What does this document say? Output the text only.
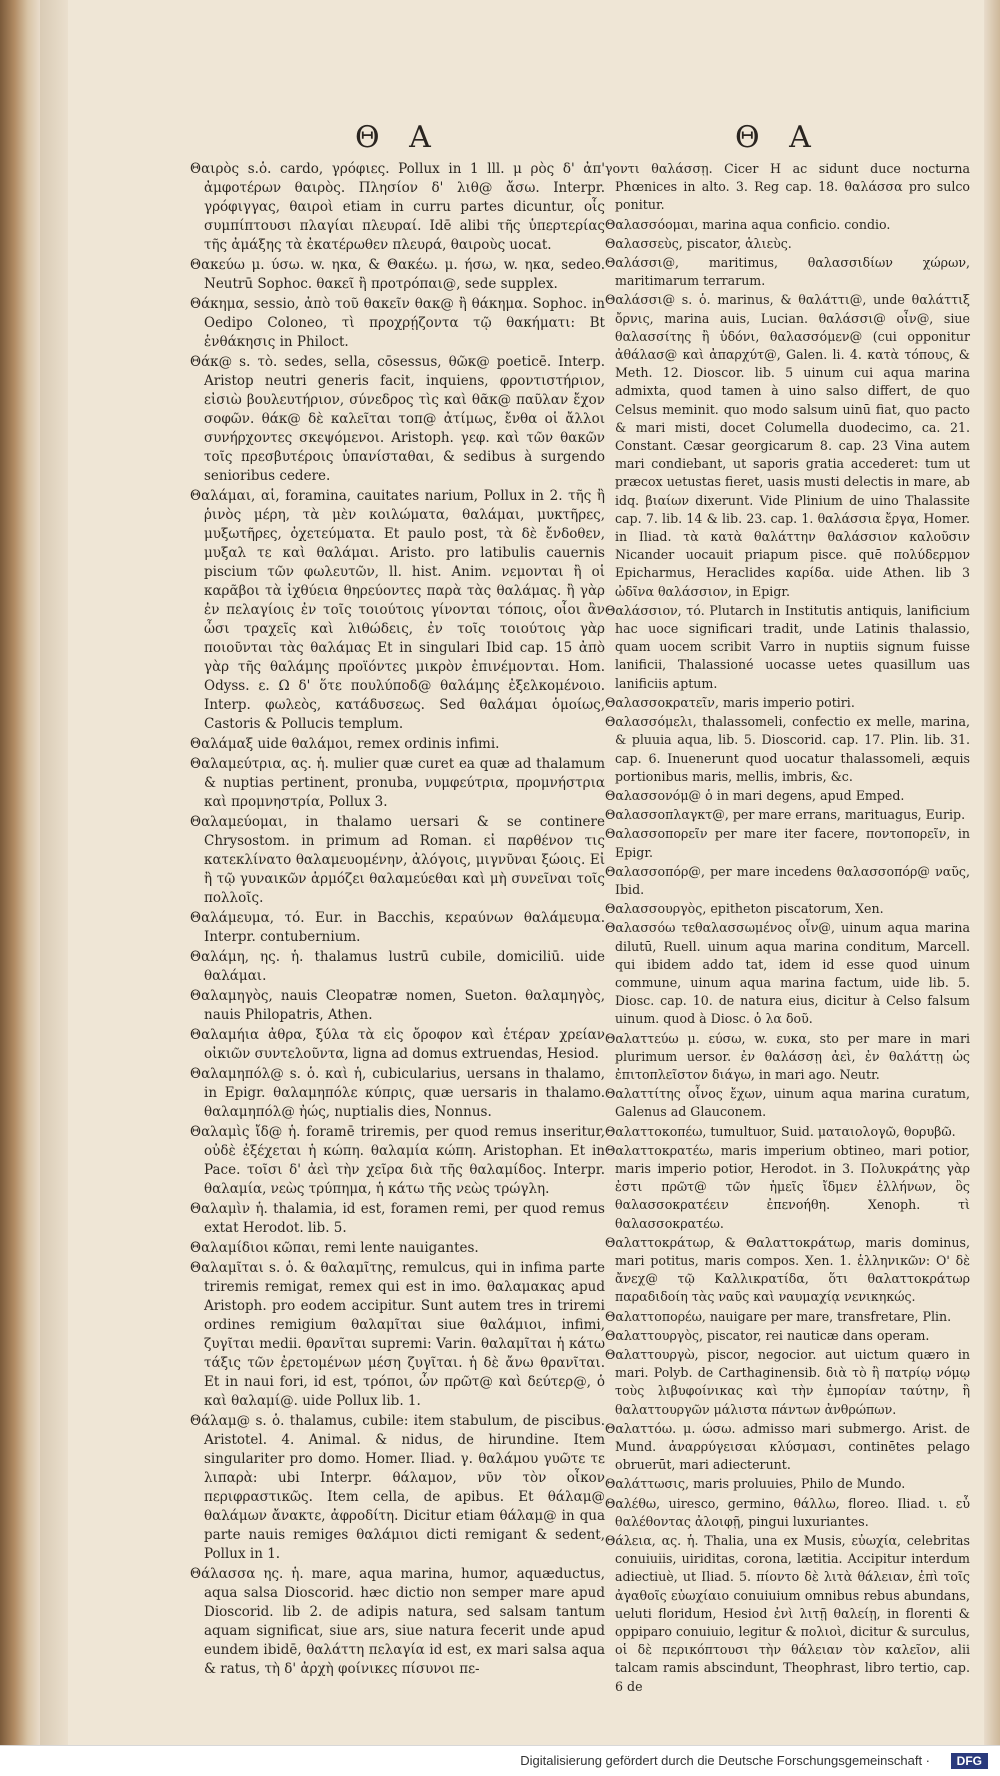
Θ Α	Θ Α
Θαιρὸς s.ὁ. cardo, γρόφιες. Pollux in 1 lll. μ ρὸς δ' ἀπ' ἀμφοτέρων θαιρὸς. Πλησίον δ' λιθ@ ἄσω. Interpr. γρόφιγγας, θαιροὶ etiam in curru partes dicuntur, οἷς συμπίπτουσι πλαγίαι πλευραί. Idē alibi τῆς ὑπερτερίας τῆς ἀμάξης τὰ ἐκατέρωθεν πλευρά, θαιροὺς uocat.
Θακεύω μ. ύσω. w. ηκα, & Θακέω. μ. ήσω, w. ηκα, sedeo. Neutrū Sophoc. θακεῖ ἢ προτρόπαι@, sede supplex.
Θάκημα, sessio, ἀπὸ τοῦ θακεῖν θακ@ ἢ θάκημα. Sophoc. in Oedipo Coloneo, τὶ προχρῄζοντα τῷ θακήματι: Bt ἑνθάκησις in Philoct.
Θάκ@ s. τὸ. sedes, sella, cōsessus, θῶκ@ poeticē. Interp. Aristop neutri generis facit, inquiens, φροντιστήριον, εἰσιὼ βουλευτήριον, σύνεδρος τὶς καὶ θᾶκ@ παῦλαν ἔχον σοφῶν. θάκ@ δὲ καλεῖται τοπ@ ἀτίμως, ἔνθα οἱ ἄλλοι συνήρχοντες σκεψόμενοι. Aristoph. γεφ. καὶ τῶν θακῶν τοῖς πρεσβυτέροις ὑπανίσταθαι, & sedibus à surgendo senioribus cedere.
Θαλάμαι, αἱ, foramina, cauitates narium, Pollux in 2. τῆς ἢ ῥινὸς μέρη, τὰ μὲν κοιλώματα, θαλάμαι, μυκτῆρες, μυξωτῆρες, ὀχετεύματα. Et paulo post, τὰ δὲ ἔνδοθεν, μυξαλ τε καὶ θαλάμαι. Aristo. pro latibulis cauernis piscium τῶν φωλευτῶν, ll. hist. Anim. νεμονται ἢ οἱ καρᾶβοι τὰ ἰχθύεια θηρεύοντες παρὰ τὰς θαλάμας. ἢ γὰρ ἐν πελαγίοις ἐν τοῖς τοιούτοις γίνονται τόποις, οἷοι ἂν ὦσι τραχεῖς καὶ λιθώδεις, ἐν τοῖς τοιούτοις γὰρ ποιοῦνται τὰς θαλάμας Et in singulari Ibid cap. 15 ἀπὸ γὰρ τῆς θαλάμης προϊόντες μικρὸν ἐπινέμονται. Hom. Odyss. ε. Ω δ' ὅτε πουλύποδ@ θαλάμης ἐξελκομένοιο. Interp. φωλεὸς, κατάδυσεως. Sed θαλάμαι ὁμοίως, Castoris & Pollucis templum.
Θαλάμαξ uide θαλάμοι, remex ordinis infimi.
Θαλαμεύτρια, ας. ἡ. mulier quæ curet ea quæ ad thalamum & nuptias pertinent, pronuba, νυμφεύτρια, προμνήστρια καὶ προμνηστρία, Pollux 3.
Θαλαμεύομαι, in thalamo uersari & se continere Chrysostom. in primum ad Roman. εἰ παρθένον τις κατεκλίνατο θαλαμευομένην, ἀλόγοις, μιγνῦναι ξώοις. Εἰ ἢ τῷ γυναικῶν ἁρμόζει θαλαμεύεθαι καὶ μὴ συνεῖναι τοῖς πολλοῖς.
Θαλάμευμα, τό. Eur. in Bacchis, κεραύνων θαλάμευμα. Interpr. contubernium.
Θαλάμη, ης. ἡ. thalamus lustrū cubile, domiciliū. uide θαλάμαι.
Θαλαμηγὸς, nauis Cleopatræ nomen, Sueton. θαλαμηγὸς, nauis Philopatris, Athen.
Θαλαμήια ἀθρα, ξύλα τὰ εἰς ὄροφον καὶ ἑτέραν χρείαν οἰκιῶν συντελοῦντα, ligna ad domus extruendas, Hesiod.
Θαλαμηπόλ@ s. ὁ. καὶ ἡ, cubicularius, uersans in thalamo, in Epigr. θαλαμηπόλε κύπρις, quæ uersaris in thalamo. θαλαμηπόλ@ ἠώς, nuptialis dies, Nonnus.
Θαλαμὶς ἴδ@ ἡ. foramē triremis, per quod remus inseritur, οὐδὲ ἐξέχεται ἡ κώπη. θαλαμία κώπη. Aristophan. Et in Pace. τοῖσι δ' ἀεὶ τὴν χεῖρα διὰ τῆς θαλαμίδος. Interpr. θαλαμία, νεὼς τρύπημα, ἡ κάτω τῆς νεὼς τρώγλη.
Θαλαμὶν ἡ. thalamia, id est, foramen remi, per quod remus extat Herodot. lib. 5.
Θαλαμίδιοι κῶπαι, remi lente nauigantes.
Θαλαμῖται s. ὁ. & θαλαμῖτης, remulcus, qui in infima parte triremis remigat, remex qui est in imo. θαλαμακας apud Aristoph. pro eodem accipitur. Sunt autem tres in triremi ordines remigium θαλαμῖται siue θαλάμιοι, infimi, ζυγῖται medii. θρανῖται supremi: Varin. θαλαμῖται ἡ κάτω τάξις τῶν ἐρετομένων μέση ζυγῖται. ἡ δὲ ἄνω θρανῖται. Et in naui fori, id est, τρόποι, ὧν πρῶτ@ καὶ δεύτερ@, ὁ καὶ θαλαμί@. uide Pollux lib. 1.
Θάλαμ@ s. ὁ. thalamus, cubile: item stabulum, de piscibus. Aristotel. 4. Animal. & nidus, de hirundine. Item singulariter pro domo. Homer. Iliad. γ. θαλάμου γυῶτε τε λιπαρὰ: ubi Interpr. θάλαμον, νῦν τὸν οἶκον περιφραστικῶς. Item cella, de apibus. Et θάλαμ@ θαλάμων ἄνακτε, ἀφροδίτη. Dicitur etiam θάλαμ@ in qua parte nauis remiges θαλάμιοι dicti remigant & sedent, Pollux in 1.
Θάλασσα ης. ἡ. mare, aqua marina, humor, aquæductus, aqua salsa Dioscorid. hæc dictio non semper mare apud Dioscorid. lib 2. de adipis natura, sed salsam tantum aquam significat, siue ars, siue natura fecerit unde apud eundem ibidē, θαλάττη πελαγία id est, ex mari salsa aqua & ratus, τὴ δ' ἀρχὴ φοίνικες πίσυνοι πε-
γοντι θαλάσσῃ. Cicer H ac sidunt duce nocturna Phœnices in alto. 3. Reg cap. 18. θαλάσσα pro sulco ponitur.
Θαλασσόομαι, marina aqua conficio. condio.
Θαλασσεὺς, piscator, ἁλιεὺς.
Θαλάσσι@, maritimus, θαλασσιδίων χώρων, maritimarum terrarum.
Θαλάσσι@ s. ὁ. marinus, & θαλάττι@, unde θαλάττιξ ὄρνις, marina auis, Lucian. θαλάσσι@ οἶν@, siue θαλασσίτης ἢ ὑδόνι, θαλασσόμεν@ (cui opponitur ἀθάλασ@ καὶ ἀπαρχύτ@, Galen. li. 4. κατὰ τόπους, & Meth. 12. Dioscor. lib. 5 uinum cui aqua marina admixta, quod tamen à uino salso differt, de quo Celsus meminit. quo modo salsum uinū fiat, quo pacto & mari misti, docet Columella duodecimo, ca. 21. Constant. Cæsar georgicarum 8. cap. 23 Vina autem mari condiebant, ut saporis gratia accederet: tum ut præcox uetustas fieret, uasis musti delectis in mare, ab idq. βιαίων dixerunt. Vide Plinium de uino Thalassite cap. 7. lib. 14 & lib. 23. cap. 1. θαλάσσια ἔργα, Homer. in Iliad. τὰ κατὰ θαλάττην θαλάσσιον καλοῦσιν Nicander uocauit priapum pisce. quē πολύδερμον Epicharmus, Heraclides καρίδα. uide Athen. lib 3 ὠδῖνα θαλάσσιον, in Epigr.
Θαλάσσιον, τό. Plutarch in Institutis antiquis, lanificium hac uoce significari tradit, unde Latinis thalassio, quam uocem scribit Varro in nuptiis signum fuisse lanificii, Thalassioné uocasse uetes quasillum uas lanificiis aptum.
Θαλασσοκρατεῖν, maris imperio potiri.
Θαλασσόμελι, thalassomeli, confectio ex melle, marina, & pluuia aqua, lib. 5. Dioscorid. cap. 17. Plin. lib. 31. cap. 6. Inuenerunt quod uocatur thalassomeli, æquis portionibus maris, mellis, imbris, &c.
Θαλασσονόμ@ ὁ in mari degens, apud Emped.
Θαλασσοπλαγκτ@, per mare errans, marituagus, Eurip.
Θαλασσοπορεῖν per mare iter facere, ποντοπορεῖν, in Epigr.
Θαλασσοπόρ@, per mare incedens θαλασσοπόρ@ ναῦς, Ibid.
Θαλασσουργὸς, epitheton piscatorum, Xen.
Θαλασσόω τεθαλασσωμένος οἶν@, uinum aqua marina dilutū, Ruell. uinum aqua marina conditum, Marcell. qui ibidem addo tat, idem id esse quod uinum commune, uinum aqua marina factum, uide lib. 5. Diosc. cap. 10. de natura eius, dicitur à Celso falsum uinum. quod à Diosc. ὁ λα δοῦ.
Θαλαττεύω μ. εύσω, w. ευκα, sto per mare in mari plurimum uersor. ἐν θαλάσσῃ ἀεὶ, ἐν θαλάττῃ ὡς ἐπιτοπλεῖστον διάγω, in mari ago. Neutr.
Θαλαττίτης οἶνος ἔχων, uinum aqua marina curatum, Galenus ad Glauconem.
Θαλαττοκοπέω, tumultuor, Suid. ματαιολογῶ, θορυβῶ.
Θαλαττοκρατέω, maris imperium obtineo, mari potior, maris imperio potior, Herodot. in 3. Πολυκράτης γὰρ ἐστι πρῶτ@ τῶν ἡμεῖς ἴδμεν ἑλλήνων, ὃς θαλασσοκρατέειν ἐπενοήθη. Xenoph. τὶ θαλασσοκρατέω.
Θαλαττοκράτωρ, & Θαλαττοκράτωρ, maris dominus, mari potitus, maris compos. Xen. 1. ἑλληνικῶν: Ο' δὲ ἄνεχ@ τῷ Καλλικρατίδα, ὅτι θαλαττοκράτωρ παραδιδοίη τὰς ναῦς καὶ ναυμαχίᾳ νενικηκώς.
Θαλαττοπορέω, nauigare per mare, transfretare, Plin.
Θαλαττουργὸς, piscator, rei nauticæ dans operam.
Θαλαττουργὼ, piscor, negocior. aut uictum quæro in mari. Polyb. de Carthaginensib. διὰ τὸ ἢ πατρίῳ νόμῳ τοὺς λιβυφοίνικας καὶ τὴν ἐμπορίαν ταύτην, ἢ θαλαττουργῶν μάλιστα πάντων ἀνθρώπων.
Θαλαττόω. μ. ώσω. admisso mari submergo. Arist. de Mund. ἀναρρύγεισαι κλύσμασι, continētes pelago obruerūt, mari adiecterunt.
Θαλάττωσις, maris proluuies, Philo de Mundo.
Θαλέθω, uiresco, germino, θάλλω, floreo. Iliad. ι. εὖ θαλέθοντας ἀλοιφῇ, pingui luxuriantes.
Θάλεια, ας. ἡ. Thalia, una ex Musis, εὐωχία, celebritas conuiuiis, uiriditas, corona, lætitia. Accipitur interdum adiectiuè, ut Iliad. 5. πίοντο δὲ λιτὰ θάλειαν, ἐπὶ τοῖς ἀγαθοῖς εὐωχίαιο conuiuium omnibus rebus abundans, ueluti floridum, Hesiod ἐνὶ λιτῇ θαλείῃ, in florenti & oppiparo conuiuio, legitur & πολιοὶ, dicitur & surculus, οἱ δὲ περικόπτουσι τὴν θάλειαν τὸν καλεῖον, alii talcam ramis abscindunt, Theophrast, libro tertio, cap. 6 de
Digitalisierung gefördert durch die Deutsche Forschungsgemeinschaft ·	DFG
